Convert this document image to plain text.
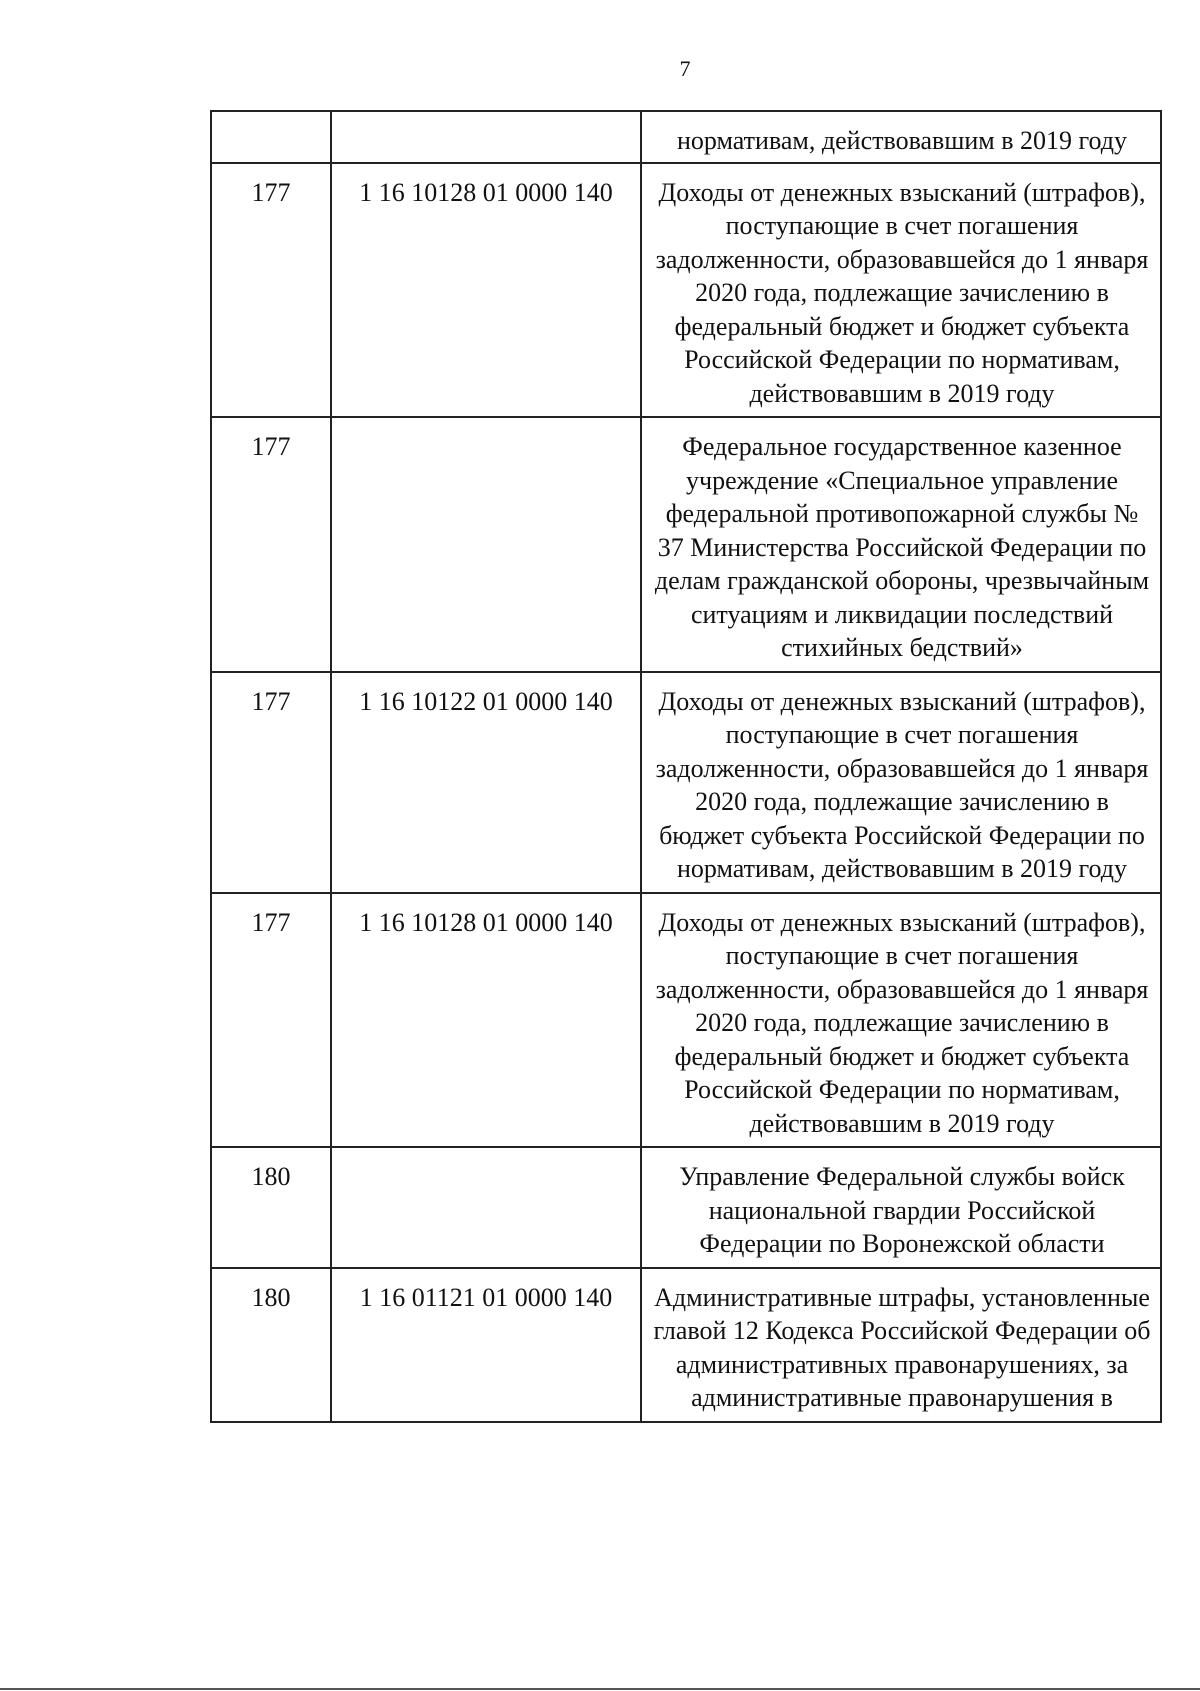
7
		нормативам, действовавшим в 2019 году
177	1 16 10128 01 0000 140	Доходы от денежных взысканий (штрафов), поступающие в счет погашения задолженности, образовавшейся до 1 января 2020 года, подлежащие зачислению в федеральный бюджет и бюджет субъекта Российской Федерации по нормативам, действовавшим в 2019 году
177		Федеральное государственное казенное учреждение «Специальное управление федеральной противопожарной службы № 37 Министерства Российской Федерации по делам гражданской обороны, чрезвычайным ситуациям и ликвидации последствий стихийных бедствий»
177	1 16 10122 01 0000 140	Доходы от денежных взысканий (штрафов), поступающие в счет погашения задолженности, образовавшейся до 1 января 2020 года, подлежащие зачислению в бюджет субъекта Российской Федерации по нормативам, действовавшим в 2019 году
177	1 16 10128 01 0000 140	Доходы от денежных взысканий (штрафов), поступающие в счет погашения задолженности, образовавшейся до 1 января 2020 года, подлежащие зачислению в федеральный бюджет и бюджет субъекта Российской Федерации по нормативам, действовавшим в 2019 году
180		Управление Федеральной службы войск национальной гвардии Российской Федерации по Воронежской области
180	1 16 01121 01 0000 140	Административные штрафы, установленные главой 12 Кодекса Российской Федерации об административных правонарушениях, за административные правонарушения в
